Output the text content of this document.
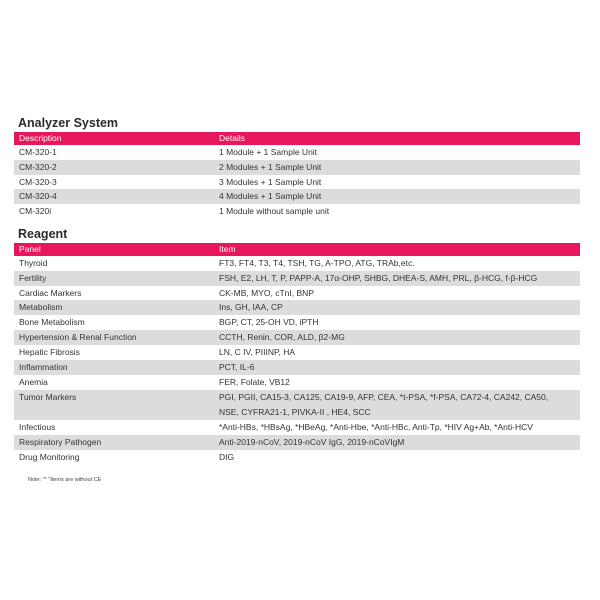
Analyzer System
Description	Details
CM-320-1	1 Module + 1 Sample Unit
CM-320-2	2 Modules + 1 Sample Unit
CM-320-3	3 Modules + 1 Sample Unit
CM-320-4	4 Modules + 1 Sample Unit
CM-320i	1 Module without sample unit
Reagent
Panel	Item
Thyroid	FT3, FT4, T3, T4, TSH, TG, A-TPO, ATG, TRAb,etc.
Fertility	FSH, E2, LH, T, P, PAPP-A, 17α-OHP, SHBG, DHEA-S, AMH, PRL, β-HCG, f-β-HCG
Cardiac Markers	CK-MB, MYO, cTnI, BNP
Metabolism	Ins, GH, IAA, CP
Bone Metabolism	BGP, CT, 25-OH VD, iPTH
Hypertension & Renal Function	CCTH, Renin, COR, ALD, β2-MG
Hepatic Fibrosis	LN, C IV, PIIINP, HA
Inflammation	PCT, IL-6
Anemia	FER, Folate, VB12
Tumor Markers	PGI, PGII, CA15-3, CA125, CA19-9, AFP, CEA, *t-PSA, *f-PSA, CA72-4, CA242, CA50,
NSE, CYFRA21-1, PIVKA-II , HE4, SCC
Infectious	*Anti-HBs, *HBsAg, *HBeAg, *Anti-Hbe, *Anti-HBc, Anti-Tp, *HIV Ag+Ab, *Anti-HCV
Respiratory Pathogen	Anti-2019-nCoV, 2019-nCoV IgG, 2019-nCoVIgM
Drug Monitoring	DIG
Note: "* "Items are without CE
